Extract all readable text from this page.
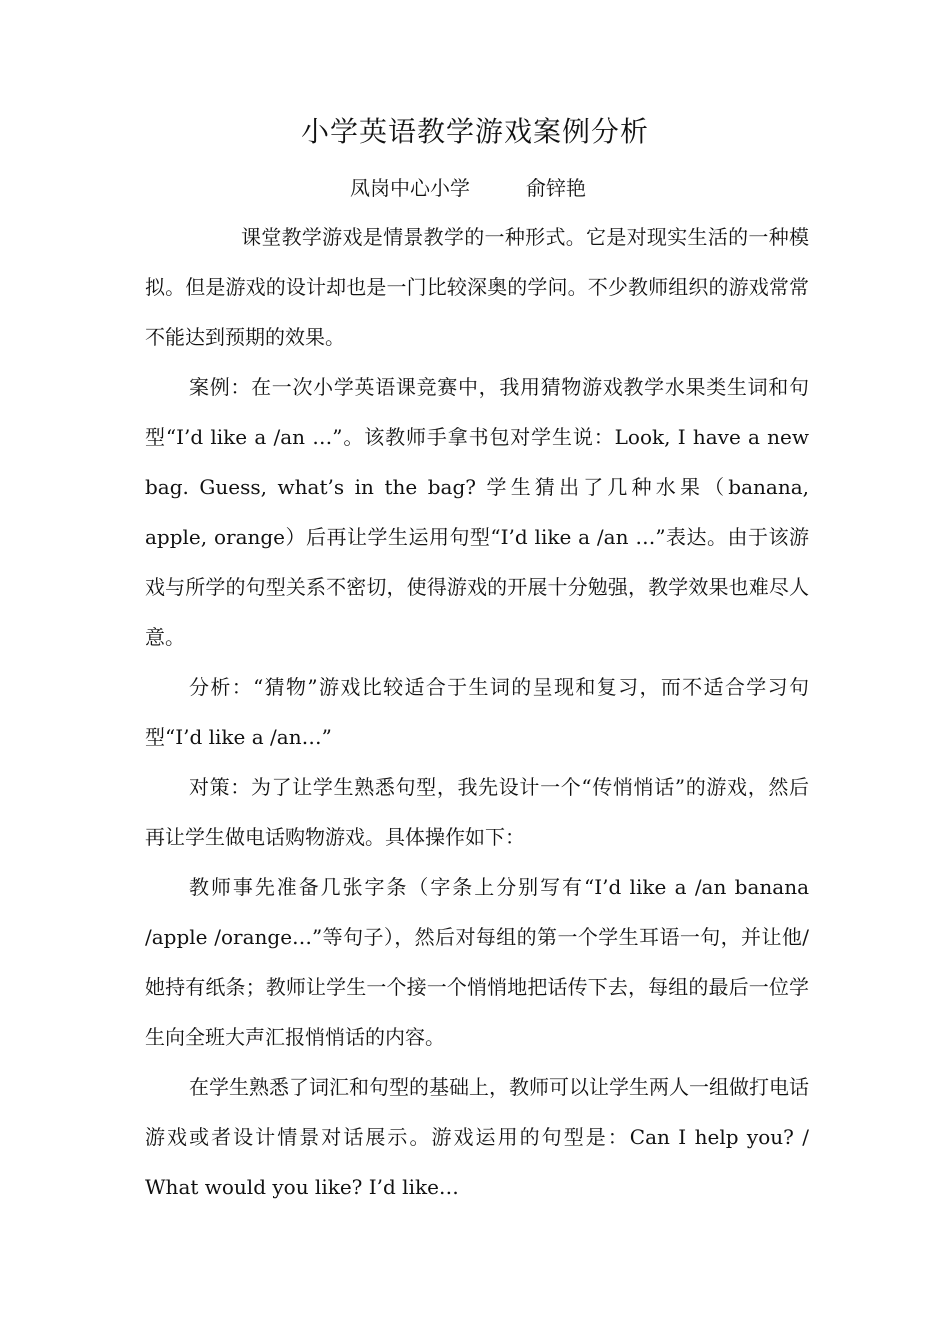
小学英语教学游戏案例分析
凤岗中心小学	俞锌艳

课堂教学游戏是情景教学的一种形式。它是对现实生活的一种模拟。但是游戏的设计却也是一门比较深奥的学问。不少教师组织的游戏常常不能达到预期的效果。

案例：在一次小学英语课竞赛中，我用猜物游戏教学水果类生词和句型“I’d like a /an …”。该教师手拿书包对学生说：Look, I have a new bag. Guess, what’s in the bag? 学生猜出了几种水果（banana, apple, orange）后再让学生运用句型“I’d like a /an …”表达。由于该游戏与所学的句型关系不密切，使得游戏的开展十分勉强，教学效果也难尽人意。

分析：“猜物”游戏比较适合于生词的呈现和复习，而不适合学习句型“I’d like a /an…”

对策：为了让学生熟悉句型，我先设计一个“传悄悄话”的游戏，然后再让学生做电话购物游戏。具体操作如下：

教师事先准备几张字条（字条上分别写有“I’d like a /an banana /apple /orange…”等句子），然后对每组的第一个学生耳语一句，并让他/她持有纸条；教师让学生一个接一个悄悄地把话传下去，每组的最后一位学生向全班大声汇报悄悄话的内容。

在学生熟悉了词汇和句型的基础上，教师可以让学生两人一组做打电话游戏或者设计情景对话展示。游戏运用的句型是：Can I help you? / What would you like? I’d like…
